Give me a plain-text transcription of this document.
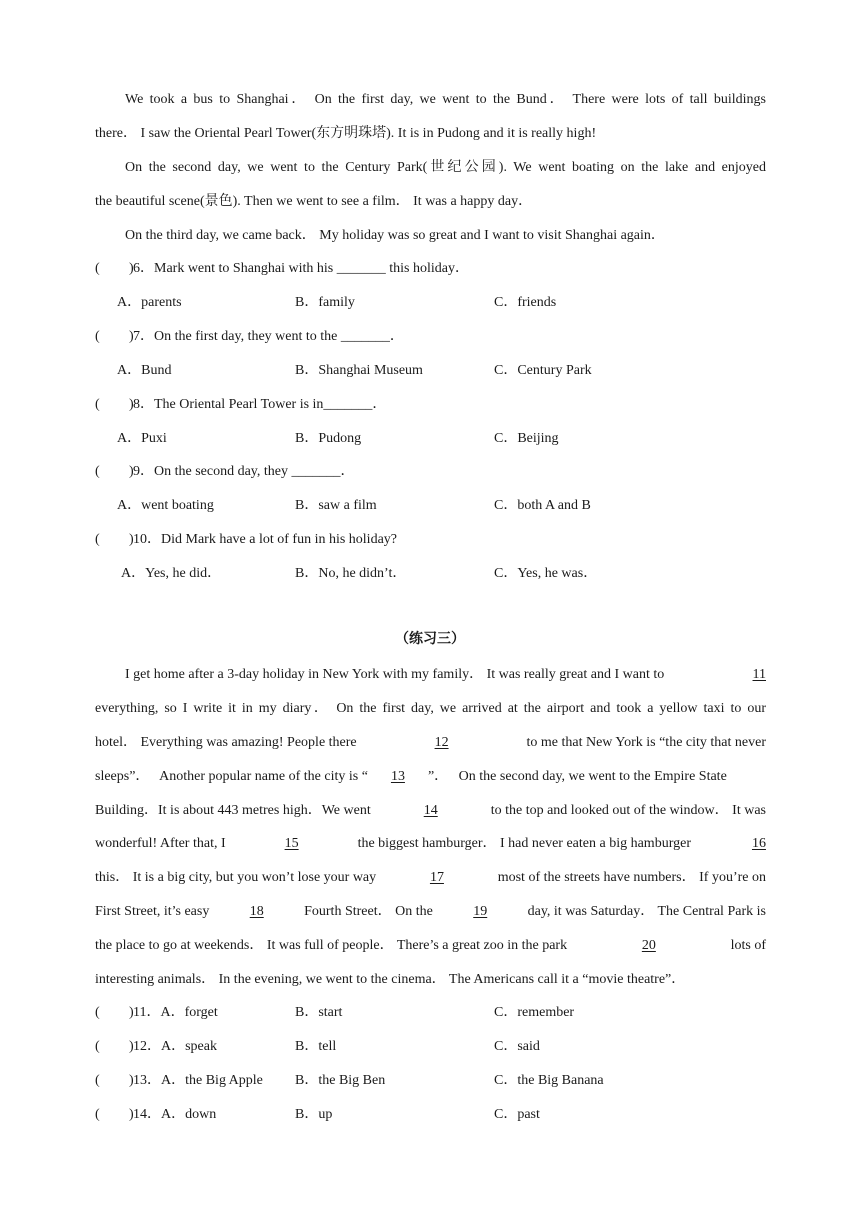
We took a bus to Shanghai． On the first day, we went to the Bund． There were lots of tall buildings
there． I saw the Oriental Pearl Tower(东方明珠塔). It is in Pudong and it is really high!
On the second day, we went to the Century Park(世纪公园). We went boating on the lake and enjoyed
the beautiful scene(景色). Then we went to see a film． It was a happy day．
On the third day, we came back． My holiday was so great and I want to visit Shanghai again．
( ) 6．Mark went to Shanghai with his _______ this holiday．
A．parents	B．family	C．friends
( ) 7．On the first day, they went to the _______．
A．Bund	B．Shanghai Museum	C．Century Park
( ) 8．The Oriental Pearl Tower is in_______．
A．Puxi	B．Pudong	C．Beijing
( ) 9．On the second day, they _______．
A．went boating	B．saw a film	C．both A and B
( ) 10．Did Mark have a lot of fun in his holiday?
A．Yes, he did．	B．No, he didn’t．	C．Yes, he was．
（练习三）
I get home after a 3-day holiday in New York with my family． It was really great and I want to	11
everything, so I write it in my diary． On the first day, we arrived at the airport and took a yellow taxi to our
hotel． Everything was amazing! People there	12	to me that New York is “the city that never
sleeps”．   Another popular name of the city is “ 13 ”．   On the second day, we went to the Empire State
Building．It is about 443 metres high．We went	14	to the top and looked out of the window． It was
wonderful! After that, I	15	the biggest hamburger． I had never eaten a big hamburger	16
this． It is a big city, but you won’t lose your way	17	most of the streets have numbers． If you’re on
First Street, it’s easy	18	Fourth Street． On the	19	day, it was Saturday． The Central Park is
the place to go at weekends． It was full of people． There’s a great zoo in the park	20	lots of
interesting animals． In the evening, we went to the cinema． The Americans call it a “movie theatre”．
( ) 11．A．forget	B．start	C．remember
( ) 12．A．speak	B．tell	C．said
( ) 13．A．the Big Apple B．the Big Ben	C．the Big Banana
( ) 14．A．down	B．up	C．past
